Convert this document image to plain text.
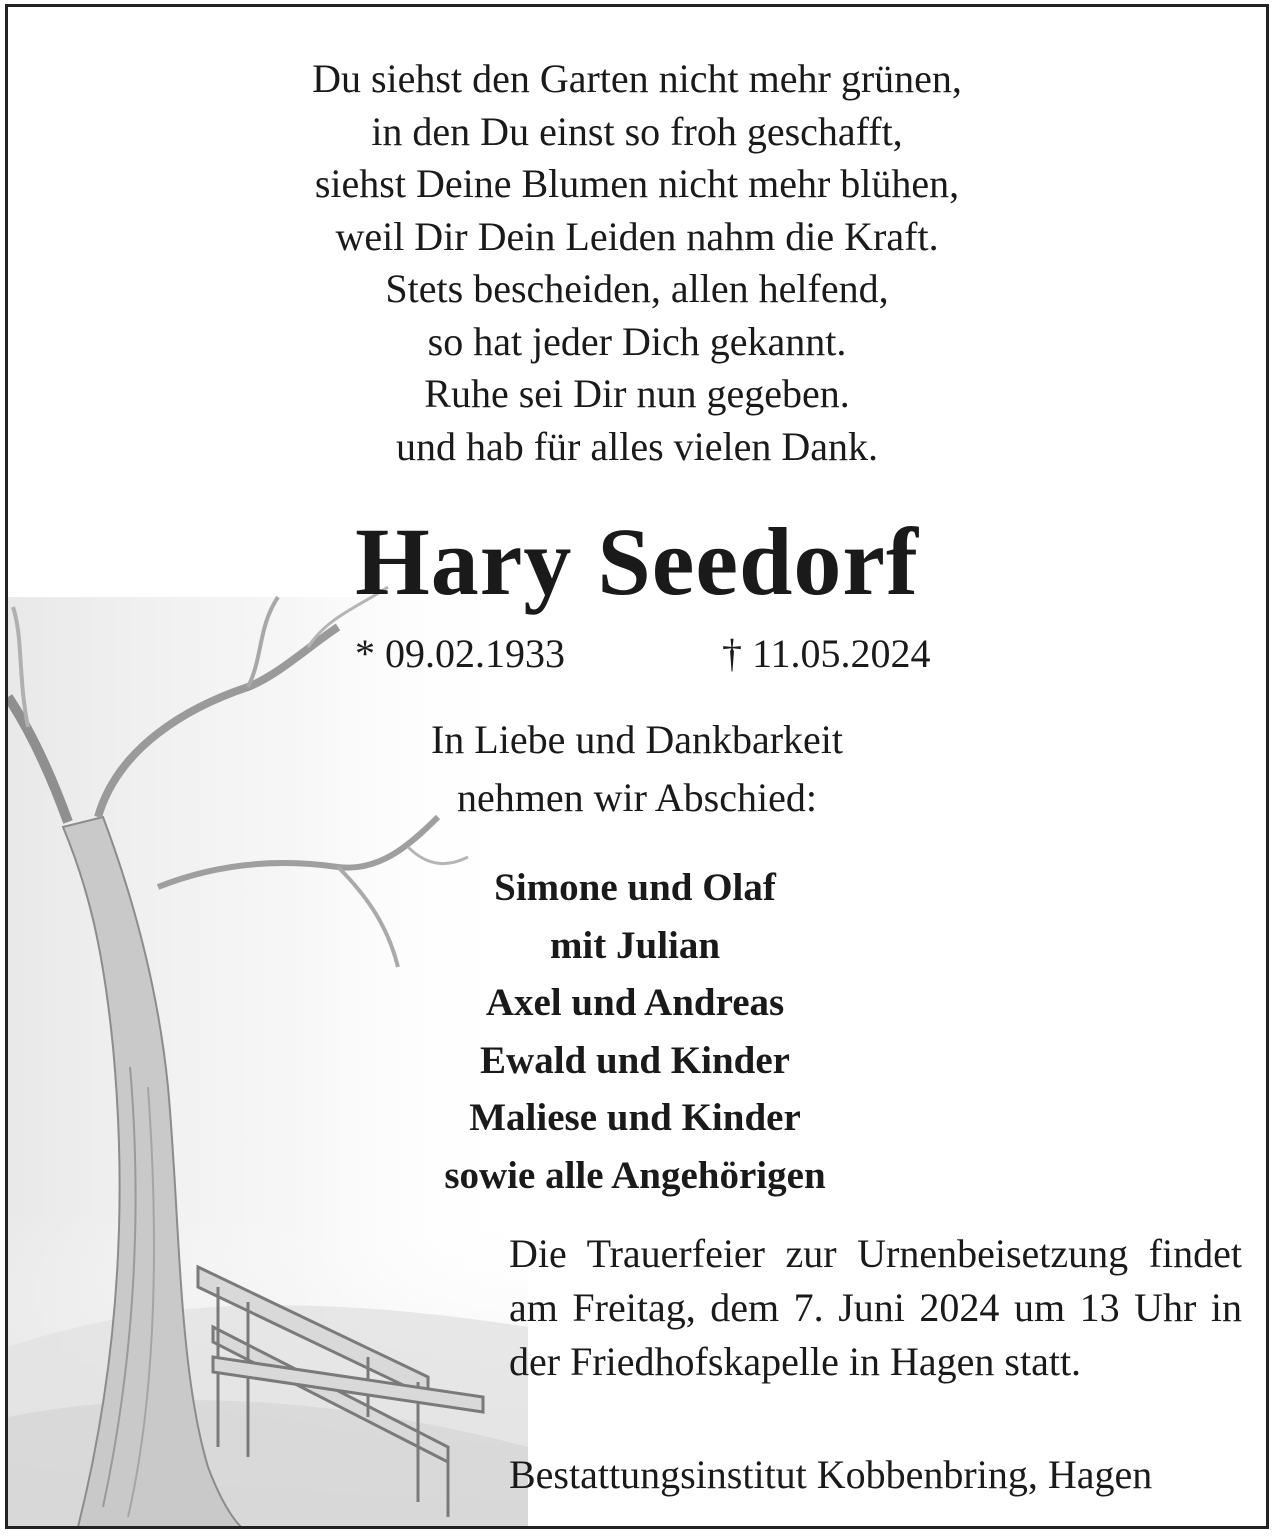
Du siehst den Garten nicht mehr grünen,
in den Du einst so froh geschafft,
siehst Deine Blumen nicht mehr blühen,
weil Dir Dein Leiden nahm die Kraft.
Stets bescheiden, allen helfend,
so hat jeder Dich gekannt.
Ruhe sei Dir nun gegeben.
und hab für alles vielen Dank.
Hary Seedorf
* 09.02.1933	† 11.05.2024
In Liebe und Dankbarkeit
nehmen wir Abschied:
Simone und Olaf
mit Julian
Axel und Andreas
Ewald und Kinder
Maliese und Kinder
sowie alle Angehörigen
Die Trauerfeier zur Urnenbeisetzung findet am Freitag, dem 7. Juni 2024 um 13 Uhr in der Friedhofskapelle in Hagen statt.
Bestattungsinstitut Kobbenbring, Hagen
